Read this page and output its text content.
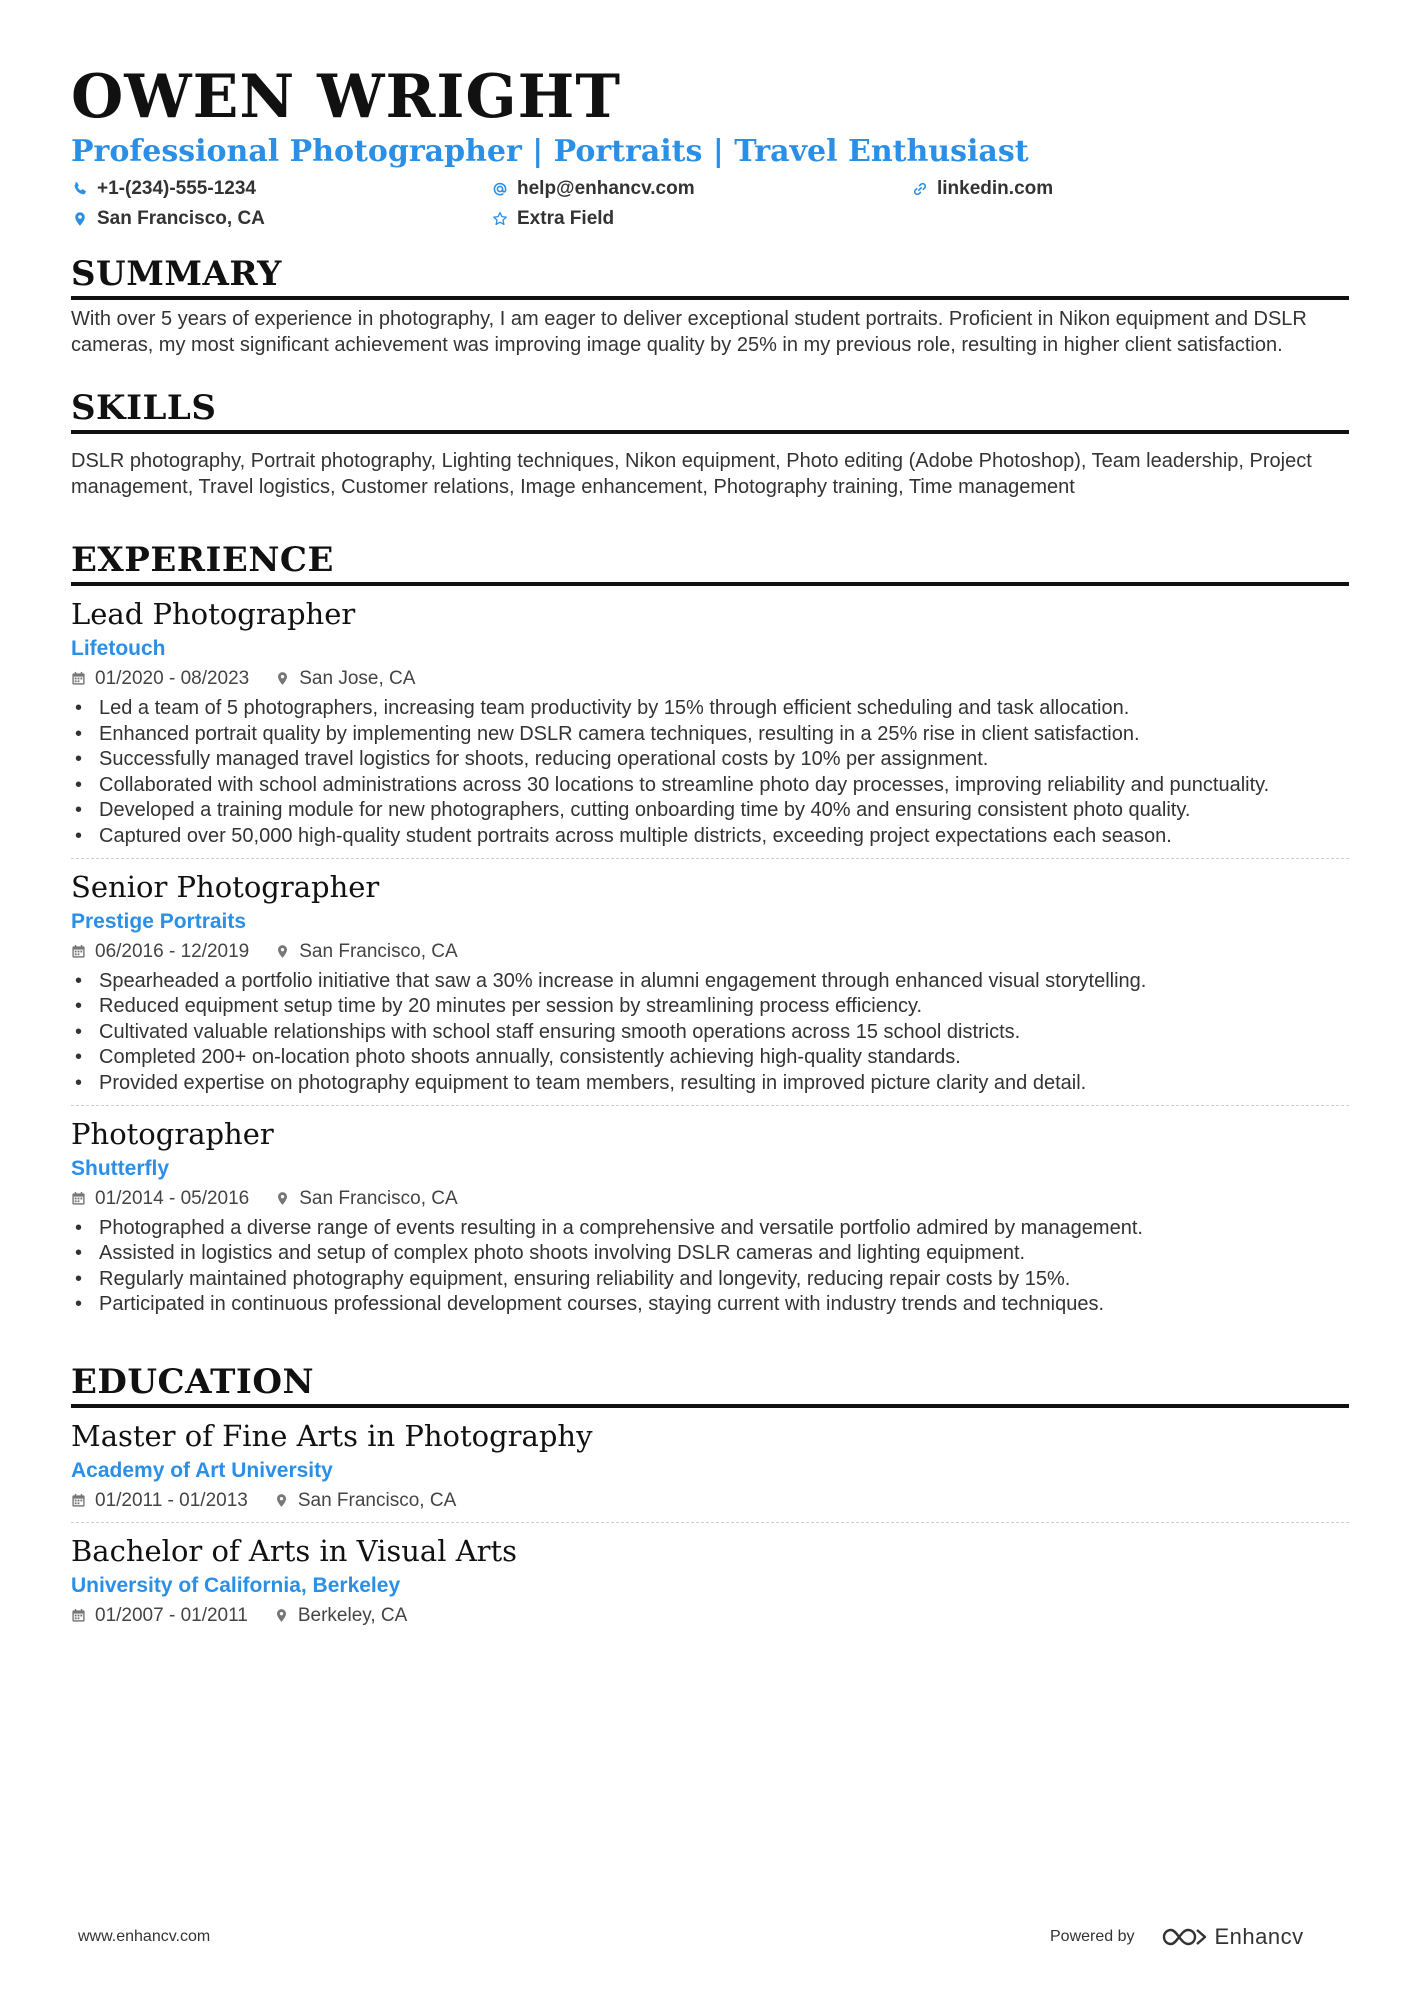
OWEN WRIGHT
Professional Photographer | Portraits | Travel Enthusiast
+1-(234)-555-1234	help@enhancv.com	linkedin.com
San Francisco, CA	Extra Field
SUMMARY

With over 5 years of experience in photography, I am eager to deliver exceptional student portraits. Proficient in Nikon equipment and DSLR cameras, my most significant achievement was improving image quality by 25% in my previous role, resulting in higher client satisfaction.

SKILLS

DSLR photography, Portrait photography, Lighting techniques, Nikon equipment, Photo editing (Adobe Photoshop), Team leadership, Project management, Travel logistics, Customer relations, Image enhancement, Photography training, Time management

EXPERIENCE
Lead Photographer
Lifetouch
01/2020 - 08/2023	San Jose, CA
• Led a team of 5 photographers, increasing team productivity by 15% through efficient scheduling and task allocation.
• Enhanced portrait quality by implementing new DSLR camera techniques, resulting in a 25% rise in client satisfaction.
• Successfully managed travel logistics for shoots, reducing operational costs by 10% per assignment.
• Collaborated with school administrations across 30 locations to streamline photo day processes, improving reliability and punctuality.
• Developed a training module for new photographers, cutting onboarding time by 40% and ensuring consistent photo quality.
• Captured over 50,000 high-quality student portraits across multiple districts, exceeding project expectations each season.
Senior Photographer
Prestige Portraits
06/2016 - 12/2019	San Francisco, CA
• Spearheaded a portfolio initiative that saw a 30% increase in alumni engagement through enhanced visual storytelling.
• Reduced equipment setup time by 20 minutes per session by streamlining process efficiency.
• Cultivated valuable relationships with school staff ensuring smooth operations across 15 school districts.
• Completed 200+ on-location photo shoots annually, consistently achieving high-quality standards.
• Provided expertise on photography equipment to team members, resulting in improved picture clarity and detail.
Photographer
Shutterfly
01/2014 - 05/2016	San Francisco, CA
• Photographed a diverse range of events resulting in a comprehensive and versatile portfolio admired by management.
• Assisted in logistics and setup of complex photo shoots involving DSLR cameras and lighting equipment.
• Regularly maintained photography equipment, ensuring reliability and longevity, reducing repair costs by 15%.
• Participated in continuous professional development courses, staying current with industry trends and techniques.
EDUCATION
Master of Fine Arts in Photography
Academy of Art University
01/2011 - 01/2013	San Francisco, CA
Bachelor of Arts in Visual Arts
University of California, Berkeley
01/2007 - 01/2011	Berkeley, CA
www.enhancv.com	Powered by	Enhancv
